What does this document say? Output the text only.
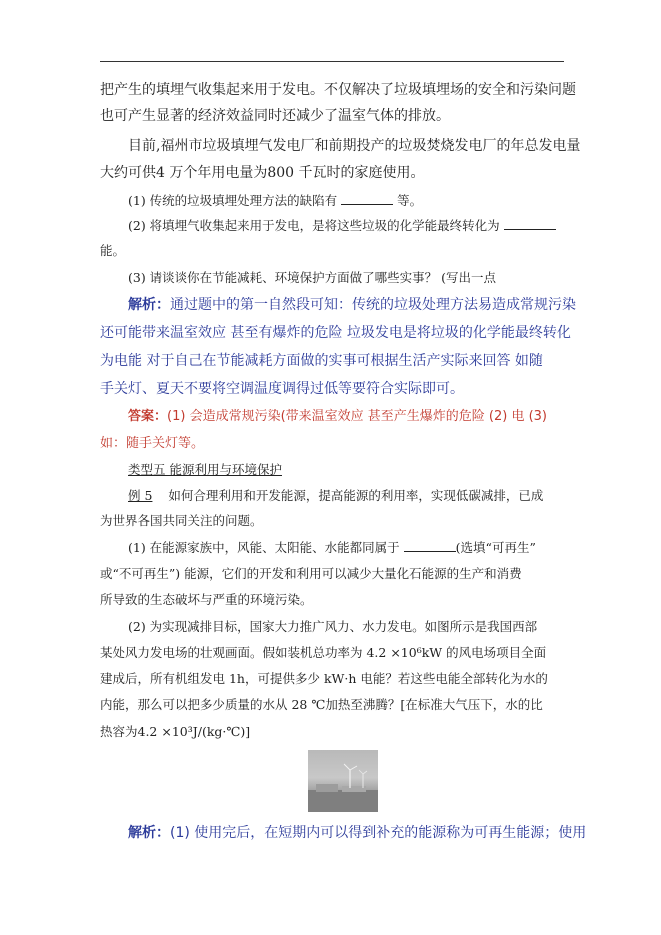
把产生的填埋气收集起来用于发电。不仅解决了垃圾填埋场的安全和污染问题
也可产生显著的经济效益同时还减少了温室气体的排放。
目前,福州市垃圾填埋气发电厂和前期投产的垃圾焚烧发电厂的年总发电量
大约可供4 万个年用电量为800 千瓦时的家庭使用。
(1) 传统的垃圾填埋处理方法的缺陷有	等。
(2) 将填埋气收集起来用于发电，是将这些垃圾的化学能最终转化为
能。
(3) 请谈谈你在节能减耗、环境保护方面做了哪些实事？ (写出一点
解析：通过题中的第一自然段可知：传统的垃圾处理方法易造成常规污染
还可能带来温室效应 甚至有爆炸的危险 垃圾发电是将垃圾的化学能最终转化
为电能 对于自己在节能减耗方面做的实事可根据生活产实际来回答 如随
手关灯、夏天不要将空调温度调得过低等要符合实际即可。
答案：(1) 会造成常规污染(带来温室效应 甚至产生爆炸的危险 (2) 电 (3)
如：随手关灯等。
类型五 能源利用与环境保护
例 5 如何合理利用和开发能源，提高能源的利用率，实现低碳减排，已成
为世界各国共同关注的问题。
(1) 在能源家族中，风能、太阳能、水能都同属于	(选填“可再生”
或“不可再生”) 能源，它们的开发和利用可以减少大量化石能源的生产和消费
所导致的生态破坏与严重的环境污染。
(2) 为实现减排目标，国家大力推广风力、水力发电。如图所示是我国西部
某处风力发电场的壮观画面。假如装机总功率为 4.2 ×10⁶kW 的风电场项目全面
建成后，所有机组发电 1h，可提供多少 kW·h 电能？若这些电能全部转化为水的
内能，那么可以把多少质量的水从 28 ℃加热至沸腾？[在标准大气压下，水的比
热容为4.2 ×10³J/(kg·℃)]
解析：(1) 使用完后，在短期内可以得到补充的能源称为可再生能源；使用
